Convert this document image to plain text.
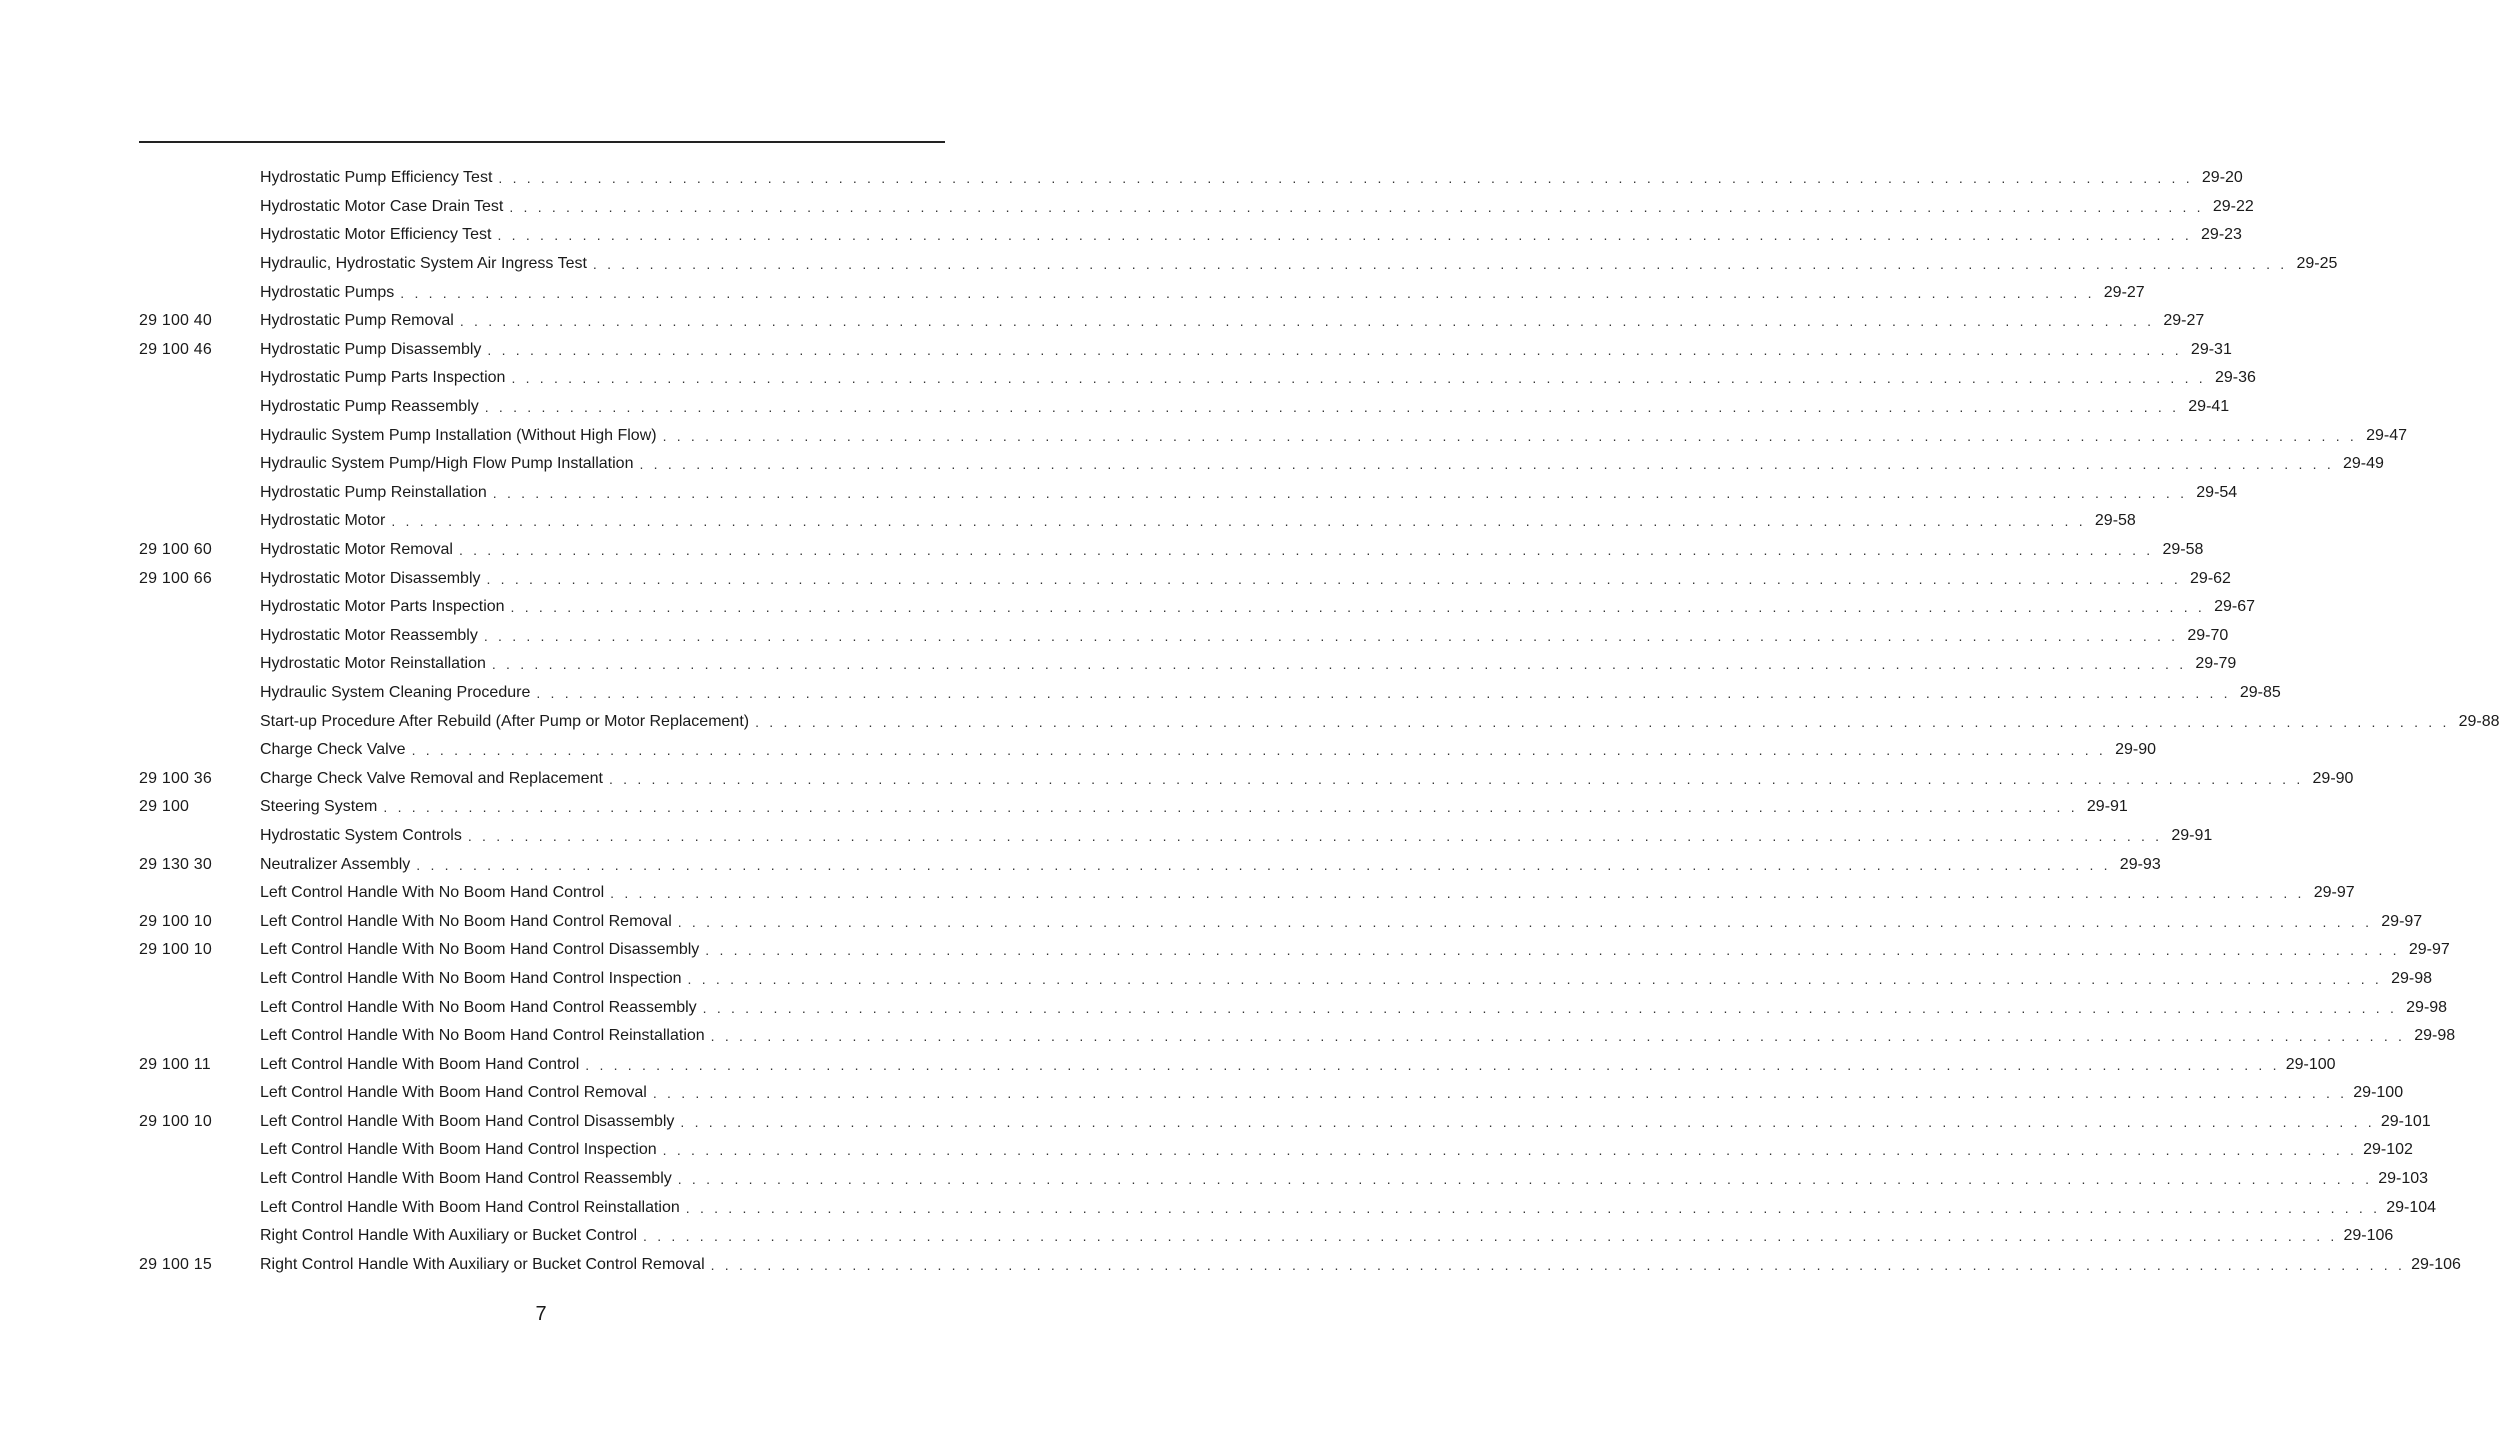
Hydrostatic Pump Efficiency Test . . . . . . . . . . . . . . . . . . . . . . . . . . . . . . . . . . . . . . . . . . . . . . . . . . . . . . . . . . . . . . . . . . . . . . . . . . . . . . . . . . . . . . . . . . . . . . . . . . . . . . . . . . . . . . . . . . . . . . . . 29-20
Hydrostatic Motor Case Drain Test . . . . . . . . . . . . . . . . . . . . . . . . . . . . . . . . . . . . . . . . . . . . . . . . . . . . . . . . . . . . . . . . . . . . . . . . . . . . . . . . . . . . . . . . . . . . . . . . . . . . . . . . . . . . . . . . . . . . . . . . 29-22
Hydrostatic Motor Efficiency Test . . . . . . . . . . . . . . . . . . . . . . . . . . . . . . . . . . . . . . . . . . . . . . . . . . . . . . . . . . . . . . . . . . . . . . . . . . . . . . . . . . . . . . . . . . . . . . . . . . . . . . . . . . . . . . . . . . . . . . . . 29-23
Hydraulic, Hydrostatic System Air Ingress Test . . . . . . . . . . . . . . . . . . . . . . . . . . . . . . . . . . . . . . . . . . . . . . . . . . . . . . . . . . . . . . . . . . . . . . . . . . . . . . . . . . . . . . . . . . . . . . . . . . . . . . . . . . . . . . . . . . . . . . . . 29-25
Hydrostatic Pumps . . . . . . . . . . . . . . . . . . . . . . . . . . . . . . . . . . . . . . . . . . . . . . . . . . . . . . . . . . . . . . . . . . . . . . . . . . . . . . . . . . . . . . . . . . . . . . . . . . . . . . . . . . . . . . . . . . . . . . . . 29-27
29 100 40	Hydrostatic Pump Removal . . . . . . . . . . . . . . . . . . . . . . . . . . . . . . . . . . . . . . . . . . . . . . . . . . . . . . . . . . . . . . . . . . . . . . . . . . . . . . . . . . . . . . . . . . . . . . . . . . . . . . . . . . . . . . . . . . . . . . . . 29-27
29 100 46	Hydrostatic Pump Disassembly . . . . . . . . . . . . . . . . . . . . . . . . . . . . . . . . . . . . . . . . . . . . . . . . . . . . . . . . . . . . . . . . . . . . . . . . . . . . . . . . . . . . . . . . . . . . . . . . . . . . . . . . . . . . . . . . . . . . . . . . 29-31
Hydrostatic Pump Parts Inspection . . . . . . . . . . . . . . . . . . . . . . . . . . . . . . . . . . . . . . . . . . . . . . . . . . . . . . . . . . . . . . . . . . . . . . . . . . . . . . . . . . . . . . . . . . . . . . . . . . . . . . . . . . . . . . . . . . . . . . . . 29-36
Hydrostatic Pump Reassembly . . . . . . . . . . . . . . . . . . . . . . . . . . . . . . . . . . . . . . . . . . . . . . . . . . . . . . . . . . . . . . . . . . . . . . . . . . . . . . . . . . . . . . . . . . . . . . . . . . . . . . . . . . . . . . . . . . . . . . . . 29-41
Hydraulic System Pump Installation (Without High Flow) . . . . . . . . . . . . . . . . . . . . . . . . . . . . . . . . . . . . . . . . . . . . . . . . . . . . . . . . . . . . . . . . . . . . . . . . . . . . . . . . . . . . . . . . . . . . . . . . . . . . . . . . . . . . . . . . . . . . . . . . 29-47
Hydraulic System Pump/High Flow Pump Installation . . . . . . . . . . . . . . . . . . . . . . . . . . . . . . . . . . . . . . . . . . . . . . . . . . . . . . . . . . . . . . . . . . . . . . . . . . . . . . . . . . . . . . . . . . . . . . . . . . . . . . . . . . . . . . . . . . . . . . . . 29-49
Hydrostatic Pump Reinstallation . . . . . . . . . . . . . . . . . . . . . . . . . . . . . . . . . . . . . . . . . . . . . . . . . . . . . . . . . . . . . . . . . . . . . . . . . . . . . . . . . . . . . . . . . . . . . . . . . . . . . . . . . . . . . . . . . . . . . . . . 29-54
Hydrostatic Motor . . . . . . . . . . . . . . . . . . . . . . . . . . . . . . . . . . . . . . . . . . . . . . . . . . . . . . . . . . . . . . . . . . . . . . . . . . . . . . . . . . . . . . . . . . . . . . . . . . . . . . . . . . . . . . . . . . . . . . . . 29-58
29 100 60	Hydrostatic Motor Removal . . . . . . . . . . . . . . . . . . . . . . . . . . . . . . . . . . . . . . . . . . . . . . . . . . . . . . . . . . . . . . . . . . . . . . . . . . . . . . . . . . . . . . . . . . . . . . . . . . . . . . . . . . . . . . . . . . . . . . . . 29-58
29 100 66	Hydrostatic Motor Disassembly . . . . . . . . . . . . . . . . . . . . . . . . . . . . . . . . . . . . . . . . . . . . . . . . . . . . . . . . . . . . . . . . . . . . . . . . . . . . . . . . . . . . . . . . . . . . . . . . . . . . . . . . . . . . . . . . . . . . . . . . 29-62
Hydrostatic Motor Parts Inspection . . . . . . . . . . . . . . . . . . . . . . . . . . . . . . . . . . . . . . . . . . . . . . . . . . . . . . . . . . . . . . . . . . . . . . . . . . . . . . . . . . . . . . . . . . . . . . . . . . . . . . . . . . . . . . . . . . . . . . . . 29-67
Hydrostatic Motor Reassembly . . . . . . . . . . . . . . . . . . . . . . . . . . . . . . . . . . . . . . . . . . . . . . . . . . . . . . . . . . . . . . . . . . . . . . . . . . . . . . . . . . . . . . . . . . . . . . . . . . . . . . . . . . . . . . . . . . . . . . . . 29-70
Hydrostatic Motor Reinstallation . . . . . . . . . . . . . . . . . . . . . . . . . . . . . . . . . . . . . . . . . . . . . . . . . . . . . . . . . . . . . . . . . . . . . . . . . . . . . . . . . . . . . . . . . . . . . . . . . . . . . . . . . . . . . . . . . . . . . . . . 29-79
Hydraulic System Cleaning Procedure . . . . . . . . . . . . . . . . . . . . . . . . . . . . . . . . . . . . . . . . . . . . . . . . . . . . . . . . . . . . . . . . . . . . . . . . . . . . . . . . . . . . . . . . . . . . . . . . . . . . . . . . . . . . . . . . . . . . . . . . 29-85
Start-up Procedure After Rebuild (After Pump or Motor Replacement) . . . . . . . . . . . . . . . . . . . . . . . . . . . . . . . . . . . . . . . . . . . . . . . . . . . . . . . . . . . . . . . . . . . . . . . . . . . . . . . . . . . . . . . . . . . . . . . . . . . . . . . . . . . . . . . . . . . . . . . . 29-88
Charge Check Valve . . . . . . . . . . . . . . . . . . . . . . . . . . . . . . . . . . . . . . . . . . . . . . . . . . . . . . . . . . . . . . . . . . . . . . . . . . . . . . . . . . . . . . . . . . . . . . . . . . . . . . . . . . . . . . . . . . . . . . . . 29-90
29 100 36	Charge Check Valve Removal and Replacement . . . . . . . . . . . . . . . . . . . . . . . . . . . . . . . . . . . . . . . . . . . . . . . . . . . . . . . . . . . . . . . . . . . . . . . . . . . . . . . . . . . . . . . . . . . . . . . . . . . . . . . . . . . . . . . . . . . . . . . . 29-90
29 100	Steering System . . . . . . . . . . . . . . . . . . . . . . . . . . . . . . . . . . . . . . . . . . . . . . . . . . . . . . . . . . . . . . . . . . . . . . . . . . . . . . . . . . . . . . . . . . . . . . . . . . . . . . . . . . . . . . . . . . . . . . . . 29-91
Hydrostatic System Controls . . . . . . . . . . . . . . . . . . . . . . . . . . . . . . . . . . . . . . . . . . . . . . . . . . . . . . . . . . . . . . . . . . . . . . . . . . . . . . . . . . . . . . . . . . . . . . . . . . . . . . . . . . . . . . . . . . . . . . . . 29-91
29 130 30	Neutralizer Assembly . . . . . . . . . . . . . . . . . . . . . . . . . . . . . . . . . . . . . . . . . . . . . . . . . . . . . . . . . . . . . . . . . . . . . . . . . . . . . . . . . . . . . . . . . . . . . . . . . . . . . . . . . . . . . . . . . . . . . . . . 29-93
Left Control Handle With No Boom Hand Control . . . . . . . . . . . . . . . . . . . . . . . . . . . . . . . . . . . . . . . . . . . . . . . . . . . . . . . . . . . . . . . . . . . . . . . . . . . . . . . . . . . . . . . . . . . . . . . . . . . . . . . . . . . . . . . . . . . . . . . . 29-97
29 100 10	Left Control Handle With No Boom Hand Control Removal . . . . . . . . . . . . . . . . . . . . . . . . . . . . . . . . . . . . . . . . . . . . . . . . . . . . . . . . . . . . . . . . . . . . . . . . . . . . . . . . . . . . . . . . . . . . . . . . . . . . . . . . . . . . . . . . . . . . . . . . 29-97
29 100 10	Left Control Handle With No Boom Hand Control Disassembly . . . . . . . . . . . . . . . . . . . . . . . . . . . . . . . . . . . . . . . . . . . . . . . . . . . . . . . . . . . . . . . . . . . . . . . . . . . . . . . . . . . . . . . . . . . . . . . . . . . . . . . . . . . . . . . . . . . . . . . . 29-97
Left Control Handle With No Boom Hand Control Inspection . . . . . . . . . . . . . . . . . . . . . . . . . . . . . . . . . . . . . . . . . . . . . . . . . . . . . . . . . . . . . . . . . . . . . . . . . . . . . . . . . . . . . . . . . . . . . . . . . . . . . . . . . . . . . . . . . . . . . . . . 29-98
Left Control Handle With No Boom Hand Control Reassembly . . . . . . . . . . . . . . . . . . . . . . . . . . . . . . . . . . . . . . . . . . . . . . . . . . . . . . . . . . . . . . . . . . . . . . . . . . . . . . . . . . . . . . . . . . . . . . . . . . . . . . . . . . . . . . . . . . . . . . . . 29-98
Left Control Handle With No Boom Hand Control Reinstallation . . . . . . . . . . . . . . . . . . . . . . . . . . . . . . . . . . . . . . . . . . . . . . . . . . . . . . . . . . . . . . . . . . . . . . . . . . . . . . . . . . . . . . . . . . . . . . . . . . . . . . . . . . . . . . . . . . . . . . . . 29-98
29 100 11	Left Control Handle With Boom Hand Control . . . . . . . . . . . . . . . . . . . . . . . . . . . . . . . . . . . . . . . . . . . . . . . . . . . . . . . . . . . . . . . . . . . . . . . . . . . . . . . . . . . . . . . . . . . . . . . . . . . . . . . . . . . . . . . . . . . . . . . . 29-100
Left Control Handle With Boom Hand Control Removal . . . . . . . . . . . . . . . . . . . . . . . . . . . . . . . . . . . . . . . . . . . . . . . . . . . . . . . . . . . . . . . . . . . . . . . . . . . . . . . . . . . . . . . . . . . . . . . . . . . . . . . . . . . . . . . . . . . . . . . . 29-100
29 100 10	Left Control Handle With Boom Hand Control Disassembly . . . . . . . . . . . . . . . . . . . . . . . . . . . . . . . . . . . . . . . . . . . . . . . . . . . . . . . . . . . . . . . . . . . . . . . . . . . . . . . . . . . . . . . . . . . . . . . . . . . . . . . . . . . . . . . . . . . . . . . . 29-101
Left Control Handle With Boom Hand Control Inspection . . . . . . . . . . . . . . . . . . . . . . . . . . . . . . . . . . . . . . . . . . . . . . . . . . . . . . . . . . . . . . . . . . . . . . . . . . . . . . . . . . . . . . . . . . . . . . . . . . . . . . . . . . . . . . . . . . . . . . . . 29-102
Left Control Handle With Boom Hand Control Reassembly . . . . . . . . . . . . . . . . . . . . . . . . . . . . . . . . . . . . . . . . . . . . . . . . . . . . . . . . . . . . . . . . . . . . . . . . . . . . . . . . . . . . . . . . . . . . . . . . . . . . . . . . . . . . . . . . . . . . . . . . 29-103
Left Control Handle With Boom Hand Control Reinstallation . . . . . . . . . . . . . . . . . . . . . . . . . . . . . . . . . . . . . . . . . . . . . . . . . . . . . . . . . . . . . . . . . . . . . . . . . . . . . . . . . . . . . . . . . . . . . . . . . . . . . . . . . . . . . . . . . . . . . . . . 29-104
Right Control Handle With Auxiliary or Bucket Control . . . . . . . . . . . . . . . . . . . . . . . . . . . . . . . . . . . . . . . . . . . . . . . . . . . . . . . . . . . . . . . . . . . . . . . . . . . . . . . . . . . . . . . . . . . . . . . . . . . . . . . . . . . . . . . . . . . . . . . . 29-106
29 100 15	Right Control Handle With Auxiliary or Bucket Control Removal . . . . . . . . . . . . . . . . . . . . . . . . . . . . . . . . . . . . . . . . . . . . . . . . . . . . . . . . . . . . . . . . . . . . . . . . . . . . . . . . . . . . . . . . . . . . . . . . . . . . . . . . . . . . . . . . . . . . . . . . 29-106
7
